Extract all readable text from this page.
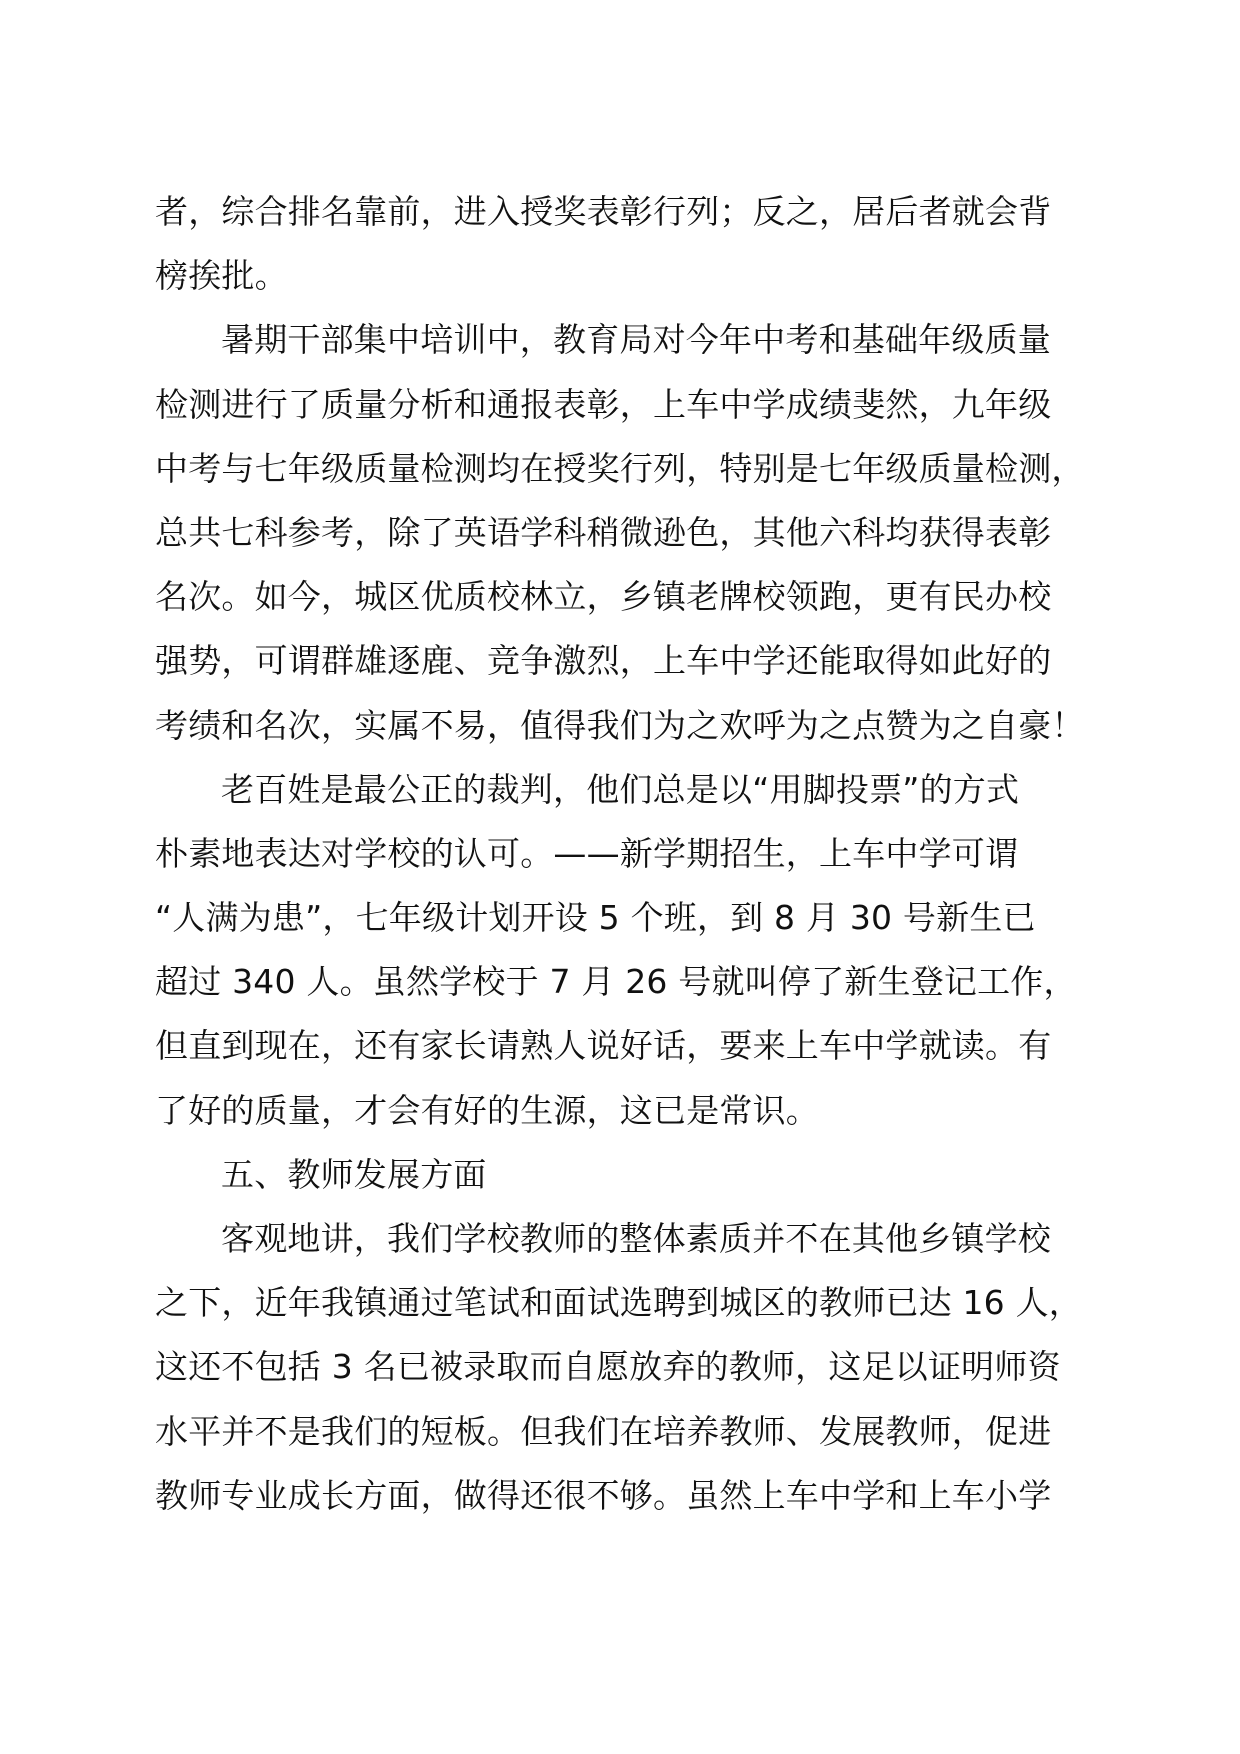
者，综合排名靠前，进入授奖表彰行列；反之，居后者就会背
榜挨批。
暑期干部集中培训中，教育局对今年中考和基础年级质量
检测进行了质量分析和通报表彰，上车中学成绩斐然，九年级
中考与七年级质量检测均在授奖行列，特别是七年级质量检测，
总共七科参考，除了英语学科稍微逊色，其他六科均获得表彰
名次。如今，城区优质校林立，乡镇老牌校领跑，更有民办校
强势，可谓群雄逐鹿、竞争激烈，上车中学还能取得如此好的
考绩和名次，实属不易，值得我们为之欢呼为之点赞为之自豪！
老百姓是最公正的裁判，他们总是以“用脚投票”的方式
朴素地表达对学校的认可。——新学期招生，上车中学可谓
“人满为患”，七年级计划开设 5 个班，到 8 月 30 号新生已
超过 340 人。虽然学校于 7 月 26 号就叫停了新生登记工作，
但直到现在，还有家长请熟人说好话，要来上车中学就读。有
了好的质量，才会有好的生源，这已是常识。
五、教师发展方面
客观地讲，我们学校教师的整体素质并不在其他乡镇学校
之下，近年我镇通过笔试和面试选聘到城区的教师已达 16 人，
这还不包括 3 名已被录取而自愿放弃的教师，这足以证明师资
水平并不是我们的短板。但我们在培养教师、发展教师，促进
教师专业成长方面，做得还很不够。虽然上车中学和上车小学
